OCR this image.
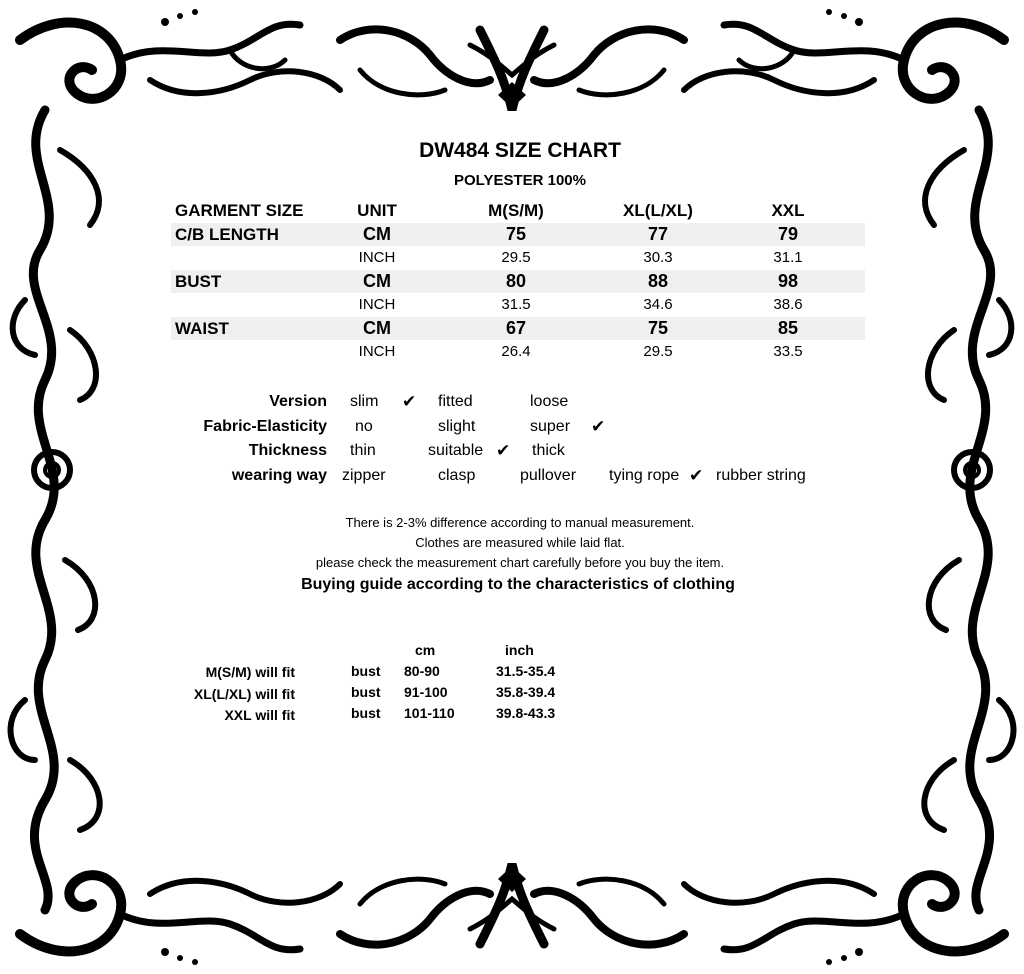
DW484 SIZE CHART
POLYESTER 100%
GARMENT SIZE	UNIT	M(S/M)	XL(L/XL)	XXL
C/B LENGTH	CM	75	77	79
INCH	29.5	30.3	31.1
BUST	CM	80	88	98
INCH	31.5	34.6	38.6
WAIST	CM	67	75	85
INCH	26.4	29.5	33.5
Version slim ✔ fitted	loose
Fabric-Elasticity no	slight	super ✔
Thickness thin	suitable ✔ thick
wearing way zipper	clasp	pullover tying rope ✔ rubber string
There is 2-3% difference according to manual measurement.
Clothes are measured while laid flat.
please check the measurement chart carefully before you buy the item.
Buying guide according to the characteristics of clothing
cm	inch
M(S/M) will fit	bust 80-90	31.5-35.4
XL(L/XL) will fit	bust 91-100	35.8-39.4
XXL will fit	bust 101-110	39.8-43.3
